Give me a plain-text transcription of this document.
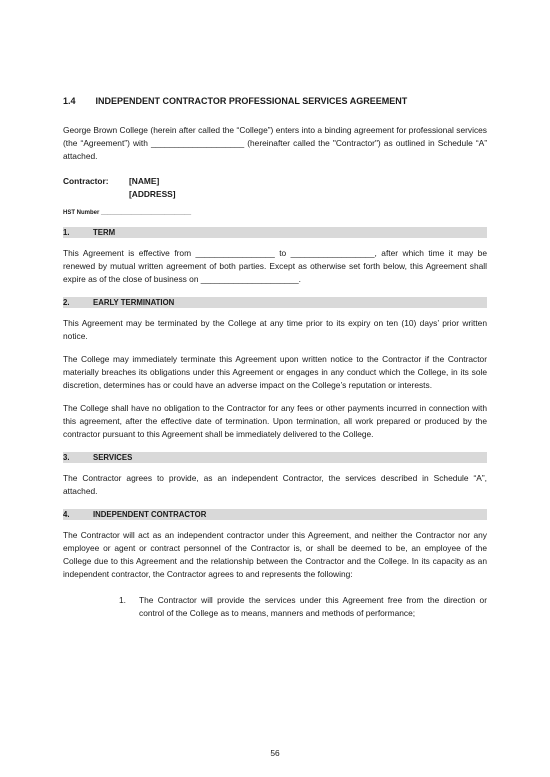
1.4 INDEPENDENT CONTRACTOR PROFESSIONAL SERVICES AGREEMENT

George Brown College (herein after called the “College”) enters into a binding agreement for professional services (the “Agreement”) with ____________________ (hereinafter called the "Contractor") as outlined in Schedule “A” attached.

Contractor:	[NAME]
[ADDRESS]
HST Number ___________________________
1.	TERM

This Agreement is effective from _________________ to __________________, after which time it may be renewed by mutual written agreement of both parties. Except as otherwise set forth below, this Agreement shall expire as of the close of business on _____________________.

2.	EARLY TERMINATION

This Agreement may be terminated by the College at any time prior to its expiry on ten (10) days’ prior written notice.

The College may immediately terminate this Agreement upon written notice to the Contractor if the Contractor materially breaches its obligations under this Agreement or engages in any conduct which the College, in its sole discretion, determines has or could have an adverse impact on the College’s reputation or interests.

The College shall have no obligation to the Contractor for any fees or other payments incurred in connection with this agreement, after the effective date of termination. Upon termination, all work prepared or produced by the contractor pursuant to this Agreement shall be immediately delivered to the College.

3.	SERVICES

The Contractor agrees to provide, as an independent Contractor, the services described in Schedule “A”, attached.

4.	INDEPENDENT CONTRACTOR

The Contractor will act as an independent contractor under this Agreement, and neither the Contractor nor any employee or agent or contract personnel of the Contractor is, or shall be deemed to be, an employee of the College due to this Agreement and the relationship between the Contractor and the College. In its capacity as an independent contractor, the Contractor agrees to and represents the following:

1.	The Contractor will provide the services under this Agreement free from the direction or control of the College as to means, manners and methods of performance;
56
